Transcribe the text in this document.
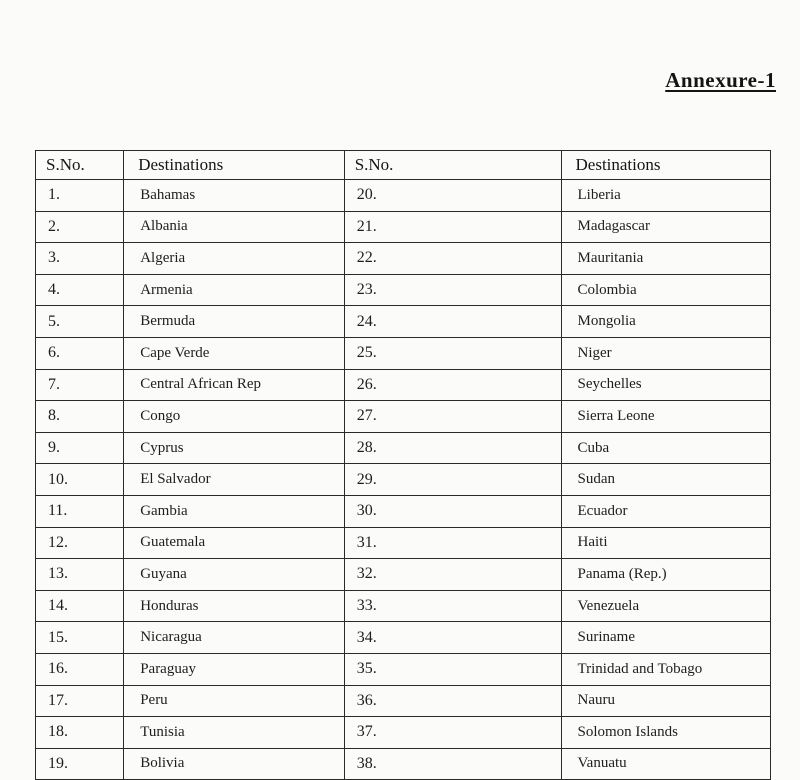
Annexure-1
S.No.	Destinations	S.No.	Destinations
1.	Bahamas	20.	Liberia
2.	Albania	21.	Madagascar
3.	Algeria	22.	Mauritania
4.	Armenia	23.	Colombia
5.	Bermuda	24.	Mongolia
6.	Cape Verde	25.	Niger
7.	Central African Rep	26.	Seychelles
8.	Congo	27.	Sierra Leone
9.	Cyprus	28.	Cuba
10.	El Salvador	29.	Sudan
11.	Gambia	30.	Ecuador
12.	Guatemala	31.	Haiti
13.	Guyana	32.	Panama (Rep.)
14.	Honduras	33.	Venezuela
15.	Nicaragua	34.	Suriname
16.	Paraguay	35.	Trinidad and Tobago
17.	Peru	36.	Nauru
18.	Tunisia	37.	Solomon Islands
19.	Bolivia	38.	Vanuatu
